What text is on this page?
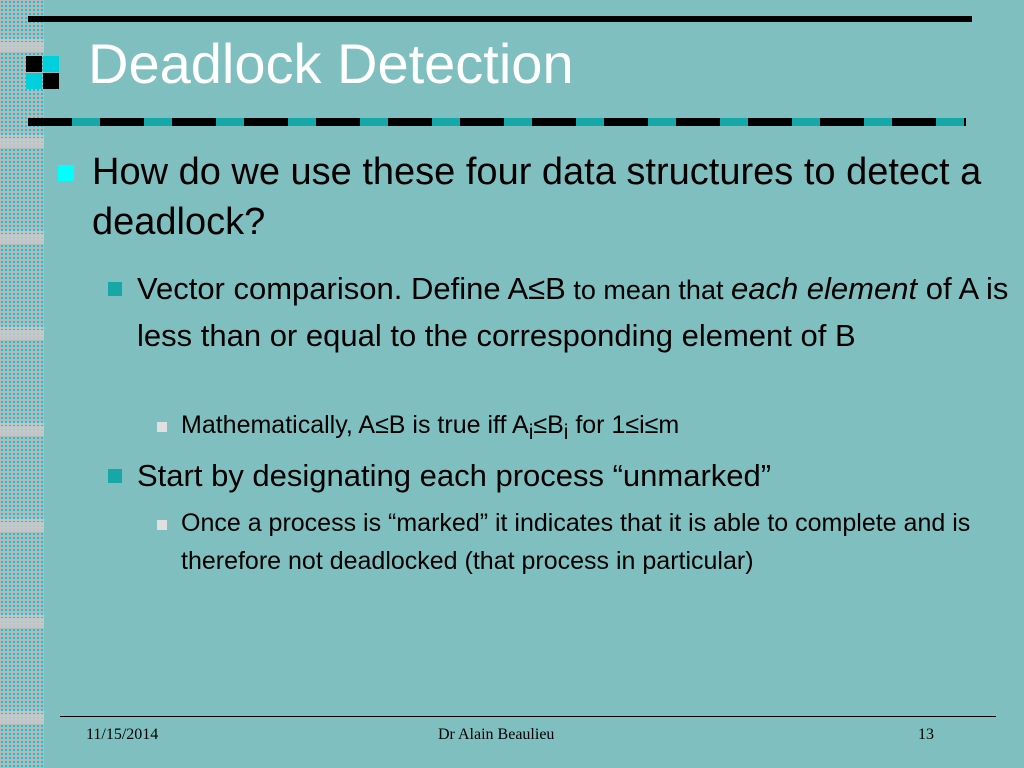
Deadlock Detection
How do we use these four data structures to detect a deadlock?
Vector comparison. Define A≤B to mean that each element of A is less than or equal to the corresponding element of B
Mathematically, A≤B is true iff $A_i\le B_i$ for 1≤i≤m
Start by designating each process “unmarked”
Once a process is “marked” it indicates that it is able to complete and is therefore not deadlocked (that process in particular)
11/15/2014	Dr Alain Beaulieu	13
